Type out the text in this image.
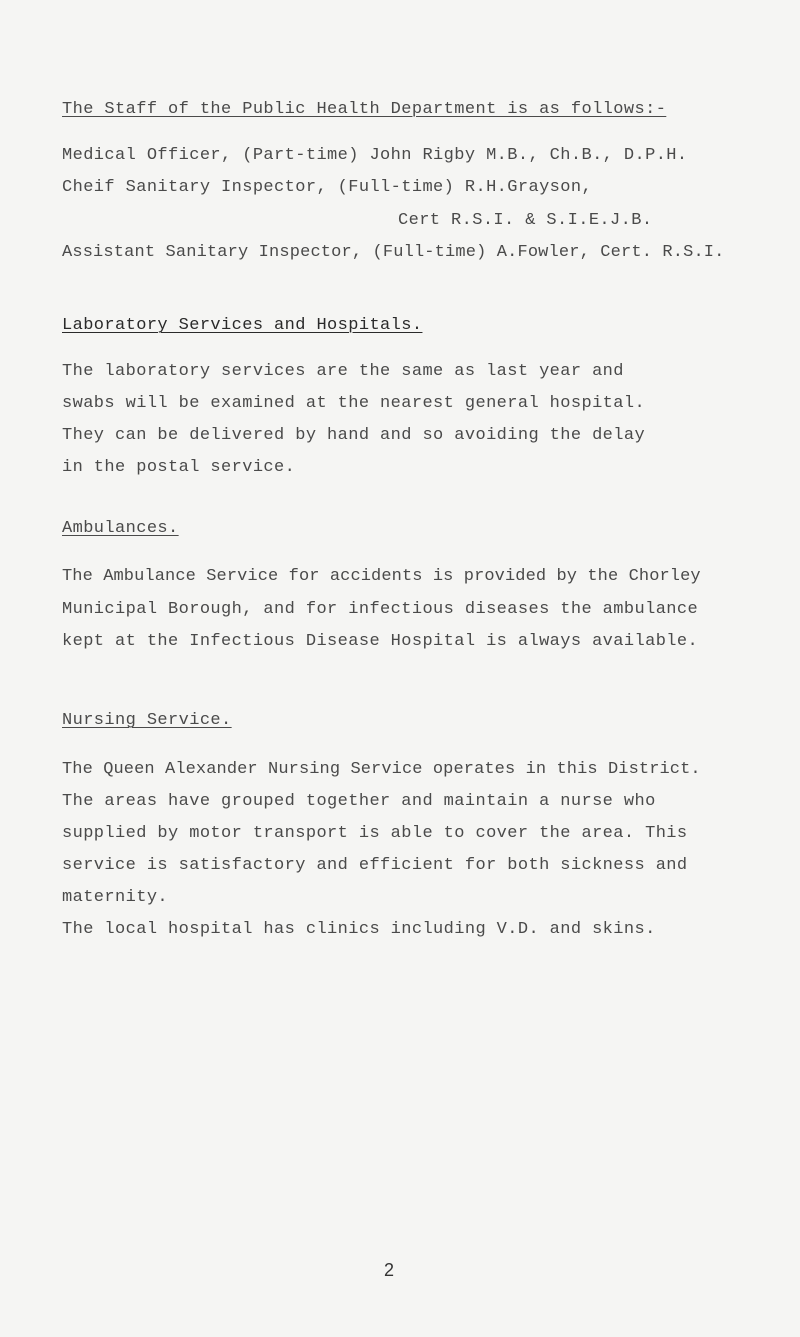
The Staff of the Public Health Department is as follows:-
Medical Officer, (Part-time) John Rigby M.B., Ch.B., D.P.H.
Cheif Sanitary Inspector, (Full-time) R.H.Grayson,
Cert R.S.I. & S.I.E.J.B.
Assistant Sanitary Inspector, (Full-time) A.Fowler, Cert. R.S.I.
Laboratory Services and Hospitals.
The laboratory services are the same as last year and
swabs will be examined at the nearest general hospital.
They can be delivered by hand and so avoiding the delay
in the postal service.
Ambulances.
The Ambulance Service for accidents is provided by the Chorley
Municipal Borough, and for infectious diseases the ambulance
kept at the Infectious Disease Hospital is always available.
Nursing Service.
The Queen Alexander Nursing Service operates in this District.
The areas have grouped together and maintain a nurse who
supplied by motor transport is able to cover the area. This
service is satisfactory and efficient for both sickness and
maternity.
The local hospital has clinics including V.D. and skins.
2
